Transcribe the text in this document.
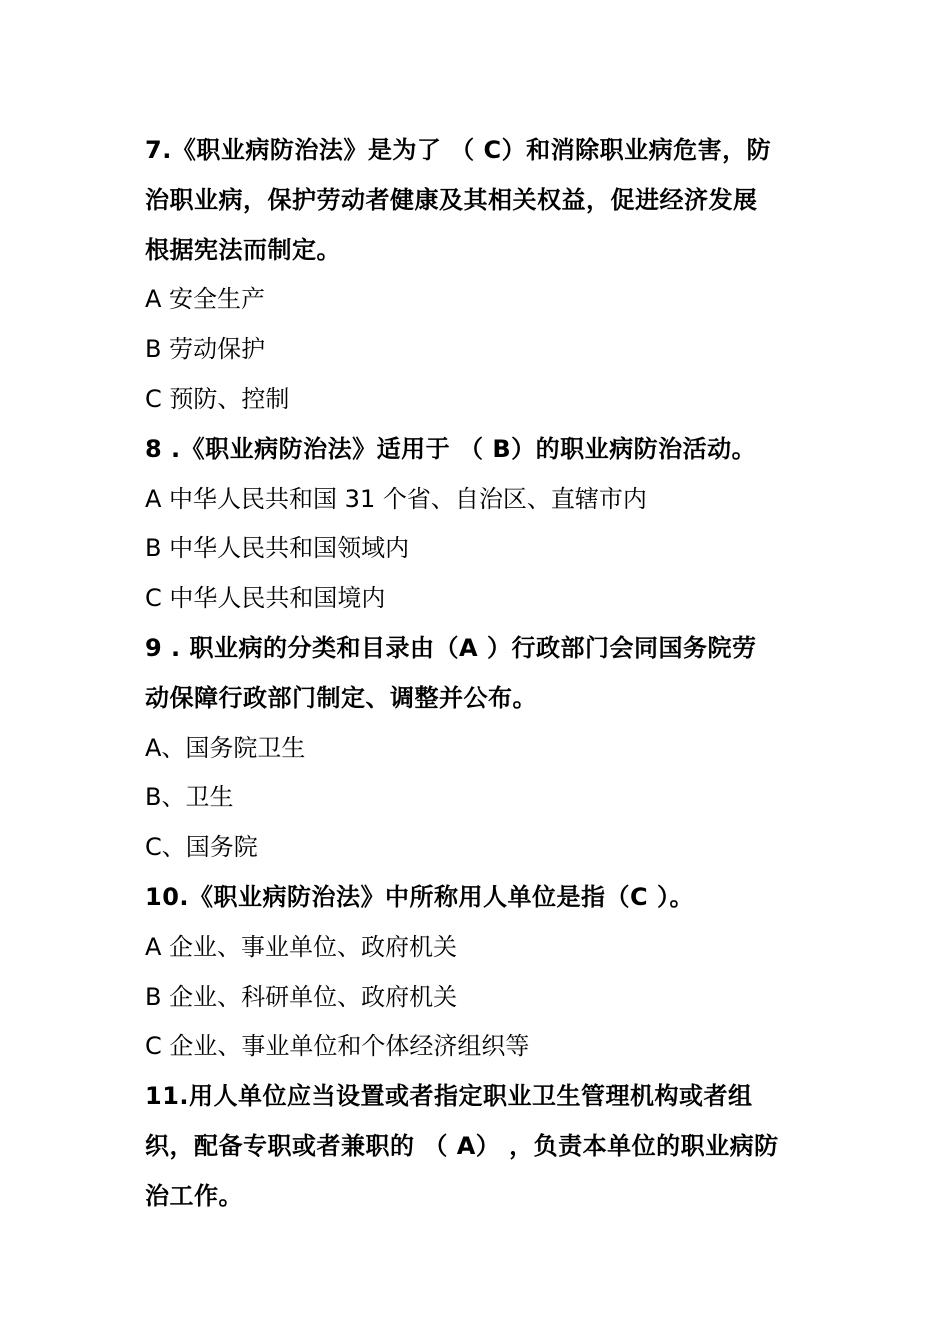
7.《职业病防治法》是为了 （ C）和消除职业病危害，防
治职业病，保护劳动者健康及其相关权益，促进经济发展
根据宪法而制定。
A 安全生产
B 劳动保护
C 预防、控制
8 .《职业病防治法》适用于 （ B）的职业病防治活动。
A 中华人民共和国 31 个省、自治区、直辖市内
B 中华人民共和国领域内
C 中华人民共和国境内
9 . 职业病的分类和目录由（A ）行政部门会同国务院劳
动保障行政部门制定、调整并公布。
A、国务院卫生
B、卫生
C、国务院
10.《职业病防治法》中所称用人单位是指（C ）。
A 企业、事业单位、政府机关
B 企业、科研单位、政府机关
C 企业、事业单位和个体经济组织等
11.用人单位应当设置或者指定职业卫生管理机构或者组
织，配备专职或者兼职的 （ A） ，负责本单位的职业病防
治工作。
